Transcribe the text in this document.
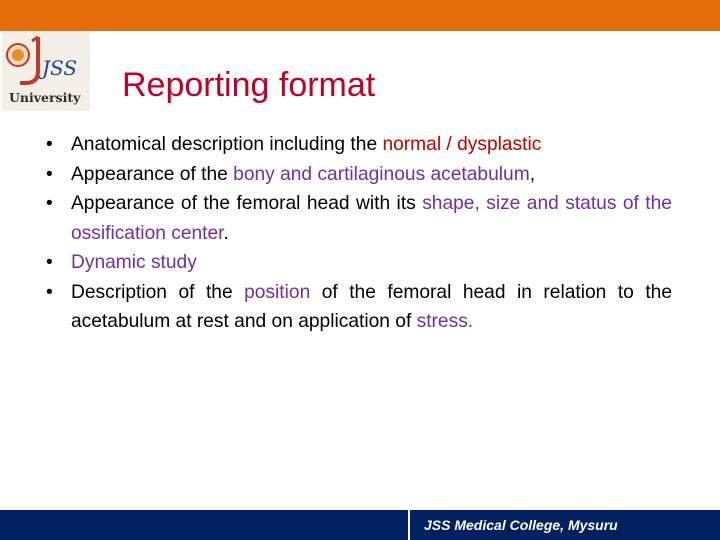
JSS
University Reporting format
• Anatomical description including the normal / dysplastic
• Appearance of the bony and cartilaginous acetabulum,
• Appearance of the femoral head with its shape, size and status of the ossification center.
• Dynamic study
• Description of the position of the femoral head in relation to the acetabulum at rest and on application of stress.
JSS Medical College, Mysuru
